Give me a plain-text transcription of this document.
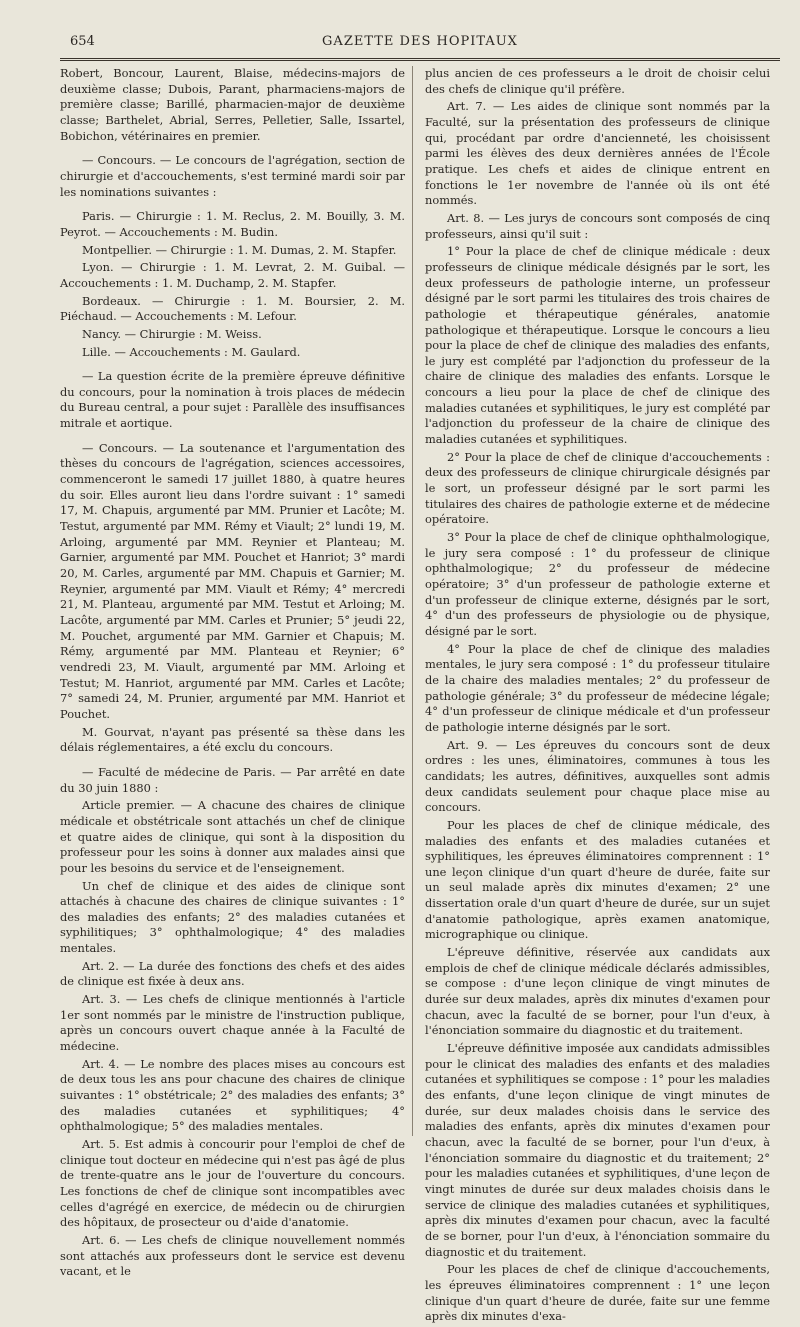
654	GAZETTE DES HOPITAUX

Robert, Boncour, Laurent, Blaise, médecins-majors de deuxième classe; Dubois, Parant, pharmaciens-majors de première classe; Barillé, pharmacien-major de deuxième classe; Barthelet, Abrial, Serres, Pelletier, Salle, Issartel, Bobichon, vétérinaires en premier.

— Concours. — Le concours de l'agrégation, section de chirurgie et d'accouchements, s'est terminé mardi soir par les nominations suivantes :

Paris. — Chirurgie : 1. M. Reclus, 2. M. Bouilly, 3. M. Peyrot. — Accouchements : M. Budin.

Montpellier. — Chirurgie : 1. M. Dumas, 2. M. Stapfer.

Lyon. — Chirurgie : 1. M. Levrat, 2. M. Guibal. — Accouchements : 1. M. Duchamp, 2. M. Stapfer.

Bordeaux. — Chirurgie : 1. M. Boursier, 2. M. Piéchaud. — Accouchements : M. Lefour.

Nancy. — Chirurgie : M. Weiss.

Lille. — Accouchements : M. Gaulard.

— La question écrite de la première épreuve définitive du concours, pour la nomination à trois places de médecin du Bureau central, a pour sujet : Parallèle des insuffisances mitrale et aortique.

— Concours. — La soutenance et l'argumentation des thèses du concours de l'agrégation, sciences accessoires, commenceront le samedi 17 juillet 1880, à quatre heures du soir. Elles auront lieu dans l'ordre suivant : 1° samedi 17, M. Chapuis, argumenté par MM. Prunier et Lacôte; M. Testut, argumenté par MM. Rémy et Viault; 2° lundi 19, M. Arloing, argumenté par MM. Reynier et Planteau; M. Garnier, argumenté par MM. Pouchet et Hanriot; 3° mardi 20, M. Carles, argumenté par MM. Chapuis et Garnier; M. Reynier, argumenté par MM. Viault et Rémy; 4° mercredi 21, M. Planteau, argumenté par MM. Testut et Arloing; M. Lacôte, argumenté par MM. Carles et Prunier; 5° jeudi 22, M. Pouchet, argumenté par MM. Garnier et Chapuis; M. Rémy, argumenté par MM. Planteau et Reynier; 6° vendredi 23, M. Viault, argumenté par MM. Arloing et Testut; M. Hanriot, argumenté par MM. Carles et Lacôte; 7° samedi 24, M. Prunier, argumenté par MM. Hanriot et Pouchet.

M. Gourvat, n'ayant pas présenté sa thèse dans les délais réglementaires, a été exclu du concours.

— Faculté de médecine de Paris. — Par arrêté en date du 30 juin 1880 :

Article premier. — A chacune des chaires de clinique médicale et obstétricale sont attachés un chef de clinique et quatre aides de clinique, qui sont à la disposition du professeur pour les soins à donner aux malades ainsi que pour les besoins du service et de l'enseignement.

Un chef de clinique et des aides de clinique sont attachés à chacune des chaires de clinique suivantes : 1° des maladies des enfants; 2° des maladies cutanées et syphilitiques; 3° ophthalmologique; 4° des maladies mentales.

Art. 2. — La durée des fonctions des chefs et des aides de clinique est fixée à deux ans.

Art. 3. — Les chefs de clinique mentionnés à l'article 1er sont nommés par le ministre de l'instruction publique, après un concours ouvert chaque année à la Faculté de médecine.

Art. 4. — Le nombre des places mises au concours est de deux tous les ans pour chacune des chaires de clinique suivantes : 1° obstétricale; 2° des maladies des enfants; 3° des maladies cutanées et syphilitiques; 4° ophthalmologique; 5° des maladies mentales.

Art. 5. Est admis à concourir pour l'emploi de chef de clinique tout docteur en médecine qui n'est pas âgé de plus de trente-quatre ans le jour de l'ouverture du concours. Les fonctions de chef de clinique sont incompatibles avec celles d'agrégé en exercice, de médecin ou de chirurgien des hôpitaux, de prosecteur ou d'aide d'anatomie.

Art. 6. — Les chefs de clinique nouvellement nommés sont attachés aux professeurs dont le service est devenu vacant, et le

plus ancien de ces professeurs a le droit de choisir celui des chefs de clinique qu'il préfère.

Art. 7. — Les aides de clinique sont nommés par la Faculté, sur la présentation des professeurs de clinique qui, procédant par ordre d'ancienneté, les choisissent parmi les élèves des deux dernières années de l'École pratique. Les chefs et aides de clinique entrent en fonctions le 1er novembre de l'année où ils ont été nommés.

Art. 8. — Les jurys de concours sont composés de cinq professeurs, ainsi qu'il suit :

1° Pour la place de chef de clinique médicale : deux professeurs de clinique médicale désignés par le sort, les deux professeurs de pathologie interne, un professeur désigné par le sort parmi les titulaires des trois chaires de pathologie et thérapeutique générales, anatomie pathologique et thérapeutique. Lorsque le concours a lieu pour la place de chef de clinique des maladies des enfants, le jury est complété par l'adjonction du professeur de la chaire de clinique des maladies des enfants. Lorsque le concours a lieu pour la place de chef de clinique des maladies cutanées et syphilitiques, le jury est complété par l'adjonction du professeur de la chaire de clinique des maladies cutanées et syphilitiques.

2° Pour la place de chef de clinique d'accouchements : deux des professeurs de clinique chirurgicale désignés par le sort, un professeur désigné par le sort parmi les titulaires des chaires de pathologie externe et de médecine opératoire.

3° Pour la place de chef de clinique ophthalmologique, le jury sera composé : 1° du professeur de clinique ophthalmologique; 2° du professeur de médecine opératoire; 3° d'un professeur de pathologie externe et d'un professeur de clinique externe, désignés par le sort, 4° d'un des professeurs de physiologie ou de physique, désigné par le sort.

4° Pour la place de chef de clinique des maladies mentales, le jury sera composé : 1° du professeur titulaire de la chaire des maladies mentales; 2° du professeur de pathologie générale; 3° du professeur de médecine légale; 4° d'un professeur de clinique médicale et d'un professeur de pathologie interne désignés par le sort.

Art. 9. — Les épreuves du concours sont de deux ordres : les unes, éliminatoires, communes à tous les candidats; les autres, définitives, auxquelles sont admis deux candidats seulement pour chaque place mise au concours.

Pour les places de chef de clinique médicale, des maladies des enfants et des maladies cutanées et syphilitiques, les épreuves éliminatoires comprennent : 1° une leçon clinique d'un quart d'heure de durée, faite sur un seul malade après dix minutes d'examen; 2° une dissertation orale d'un quart d'heure de durée, sur un sujet d'anatomie pathologique, après examen anatomique, micrographique ou clinique.

L'épreuve définitive, réservée aux candidats aux emplois de chef de clinique médicale déclarés admissibles, se compose : d'une leçon clinique de vingt minutes de durée sur deux malades, après dix minutes d'examen pour chacun, avec la faculté de se borner, pour l'un d'eux, à l'énonciation sommaire du diagnostic et du traitement.

L'épreuve définitive imposée aux candidats admissibles pour le clinicat des maladies des enfants et des maladies cutanées et syphilitiques se compose : 1° pour les maladies des enfants, d'une leçon clinique de vingt minutes de durée, sur deux malades choisis dans le service des maladies des enfants, après dix minutes d'examen pour chacun, avec la faculté de se borner, pour l'un d'eux, à l'énonciation sommaire du diagnostic et du traitement; 2° pour les maladies cutanées et syphilitiques, d'une leçon de vingt minutes de durée sur deux malades choisis dans le service de clinique des maladies cutanées et syphilitiques, après dix minutes d'examen pour chacun, avec la faculté de se borner, pour l'un d'eux, à l'énonciation sommaire du diagnostic et du traitement.

Pour les places de chef de clinique d'accouchements, les épreuves éliminatoires comprennent : 1° une leçon clinique d'un quart d'heure de durée, faite sur une femme après dix minutes d'exa-
